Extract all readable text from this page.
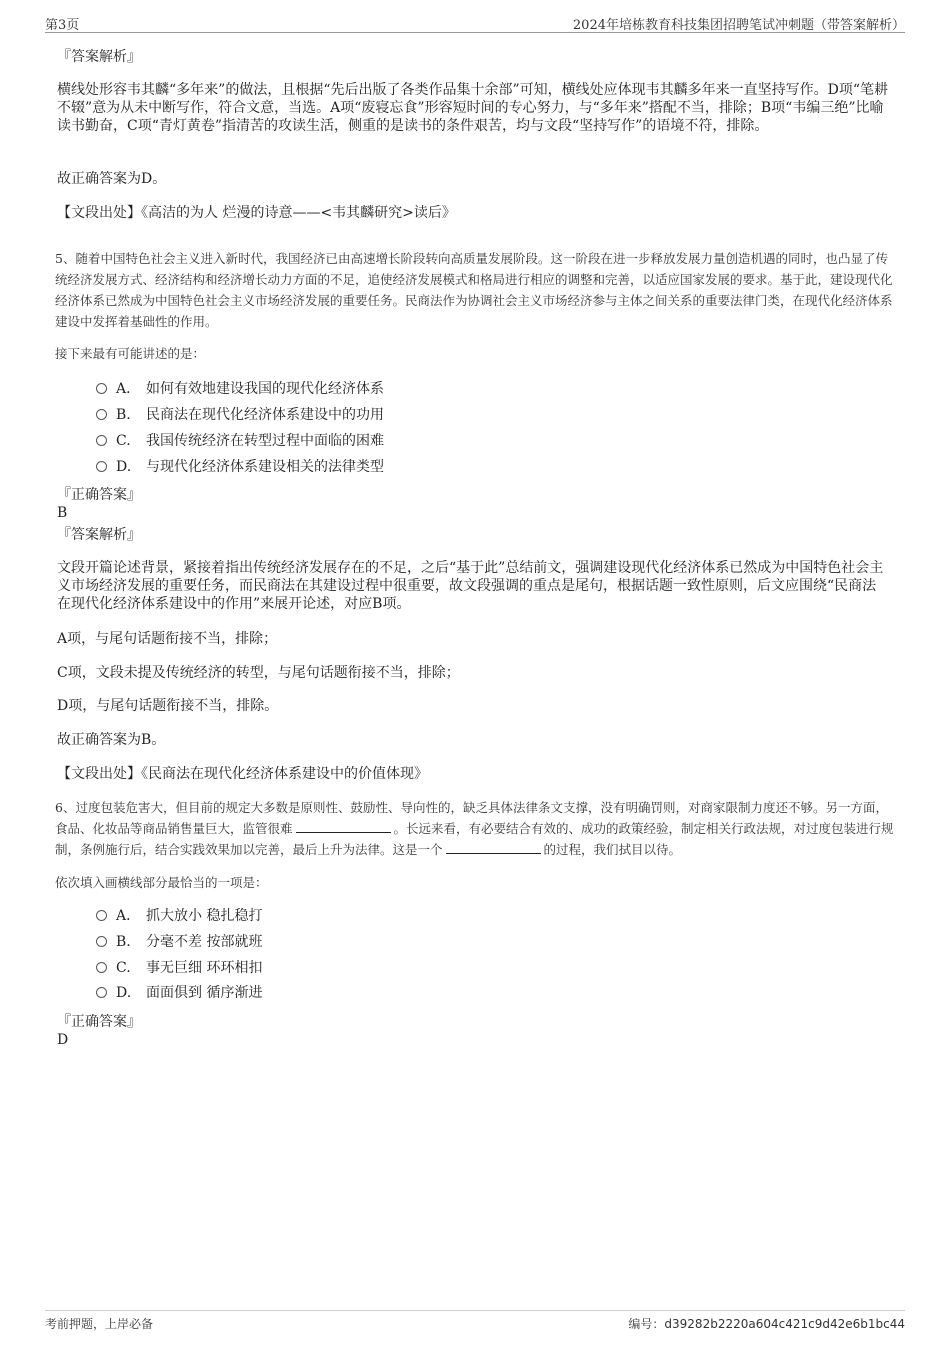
第3页	2024年培栋教育科技集团招聘笔试冲刺题（带答案解析）
『答案解析』
横线处形容韦其麟“多年来”的做法，且根据“先后出版了各类作品集十余部”可知，横线处应体现韦其麟多年来一直坚持写作。D项“笔耕不辍”意为从未中断写作，符合文意，当选。A项“废寝忘食”形容短时间的专心努力，与“多年来”搭配不当，排除；B项“韦编三绝”比喻读书勤奋，C项“青灯黄卷”指清苦的攻读生活，侧重的是读书的条件艰苦，均与文段“坚持写作”的语境不符，排除。
故正确答案为D。
【文段出处】《高洁的为人 烂漫的诗意——<韦其麟研究>读后》
5、随着中国特色社会主义进入新时代，我国经济已由高速增长阶段转向高质量发展阶段。这一阶段在进一步释放发展力量创造机遇的同时，也凸显了传统经济发展方式、经济结构和经济增长动力方面的不足，追使经济发展模式和格局进行相应的调整和完善，以适应国家发展的要求。基于此，建设现代化经济体系已然成为中国特色社会主义市场经济发展的重要任务。民商法作为协调社会主义市场经济参与主体之间关系的重要法律门类，在现代化经济体系建设中发挥着基础性的作用。
接下来最有可能讲述的是：
A． 如何有效地建设我国的现代化经济体系
B. 民商法在现代化经济体系建设中的功用
C. 我国传统经济在转型过程中面临的困难
D. 与现代化经济体系建设相关的法律类型
『正确答案』
B
『答案解析』
文段开篇论述背景，紧接着指出传统经济发展存在的不足，之后“基于此”总结前文，强调建设现代化经济体系已然成为中国特色社会主义市场经济发展的重要任务，而民商法在其建设过程中很重要，故文段强调的重点是尾句，根据话题一致性原则，后文应围绕“民商法在现代化经济体系建设中的作用”来展开论述，对应B项。
A项，与尾句话题衔接不当，排除；
C项，文段未提及传统经济的转型，与尾句话题衔接不当，排除；
D项，与尾句话题衔接不当，排除。
故正确答案为B。
【文段出处】《民商法在现代化经济体系建设中的价值体现》
6、过度包装危害大，但目前的规定大多数是原则性、鼓励性、导向性的，缺乏具体法律条文支撑，没有明确罚则，对商家限制力度还不够。另一方面，食品、化妆品等商品销售量巨大，监管很难	。长远来看，有必要结合有效的、成功的政策经验，制定相关行政法规，对过度包装进行规制，条例施行后，结合实践效果加以完善，最后上升为法律。这是一个	的过程，我们拭目以待。
依次填入画横线部分最恰当的一项是：
A． 抓大放小 稳扎稳打
B. 分毫不差 按部就班
C. 事无巨细 环环相扣
D. 面面俱到 循序渐进
『正确答案』
D
考前押题，上岸必备	编号：d39282b2220a604c421c9d42e6b1bc44
